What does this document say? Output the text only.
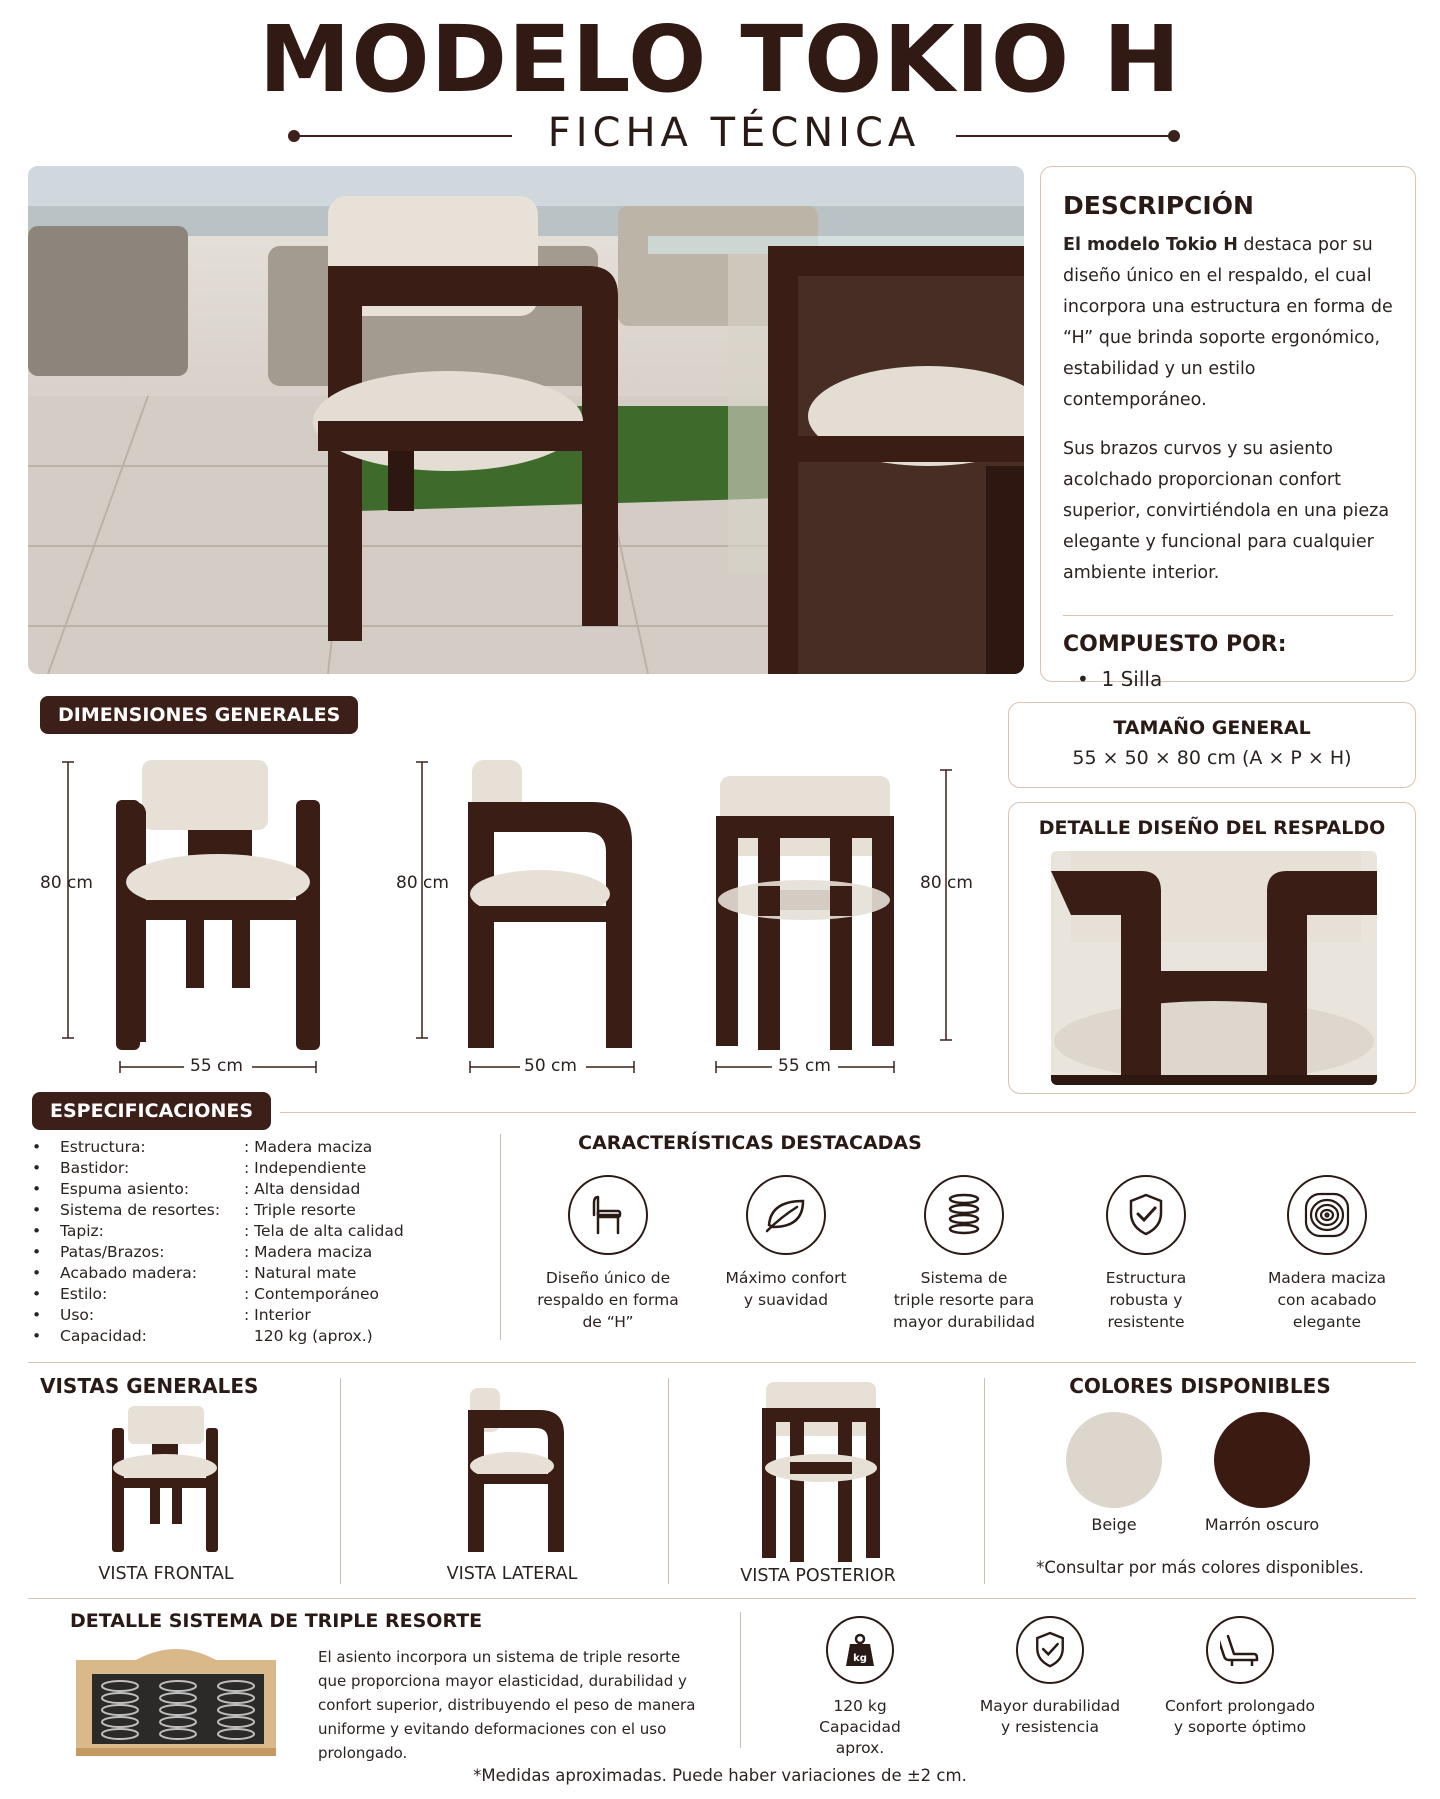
MODELO TOKIO H
FICHA TÉCNICA
DESCRIPCIÓN
El modelo Tokio H destaca por su diseño único en el respaldo, el cual incorpora una estructura en forma de “H” que brinda soporte ergonómico, estabilidad y un estilo contemporáneo.
Sus brazos curvos y su asiento acolchado proporcionan confort superior, convirtiéndola en una pieza elegante y funcional para cualquier ambiente interior.
COMPUESTO POR:
•  1 Silla
DIMENSIONES GENERALES
80 cm	80 cm	80 cm
55 cm	50 cm	55 cm
TAMAÑO GENERAL
55 × 50 × 80 cm (A × P × H)
DETALLE DISEÑO DEL RESPALDO
ESPECIFICACIONES
• Estructura:	: Madera maciza
• Bastidor:	: Independiente
• Espuma asiento:	: Alta densidad
• Sistema de resortes: : Triple resorte
• Tapiz:	: Tela de alta calidad
• Patas/Brazos:	: Madera maciza
• Acabado madera:	: Natural mate
• Estilo:	: Contemporáneo
• Uso:	: Interior
• Capacidad:	120 kg (aprox.)
CARACTERÍSTICAS DESTACADAS
Diseño único de
respaldo en forma
de “H”
Máximo confort
y suavidad
Sistema de
triple resorte para
mayor durabilidad
Estructura
robusta y
resistente
Madera maciza
con acabado
elegante
VISTAS GENERALES
VISTA FRONTAL	VISTA LATERAL	VISTA POSTERIOR
COLORES DISPONIBLES
Beige	Marrón oscuro
*Consultar por más colores disponibles.
DETALLE SISTEMA DE TRIPLE RESORTE
El asiento incorpora un sistema de triple resorte que proporciona mayor elasticidad, durabilidad y confort superior, distribuyendo el peso de manera uniforme y evitando deformaciones con el uso prolongado.
kg
120 kg
Capacidad
aprox.
Mayor durabilidad
y resistencia
Confort prolongado
y soporte óptimo
*Medidas aproximadas. Puede haber variaciones de ±2 cm.
